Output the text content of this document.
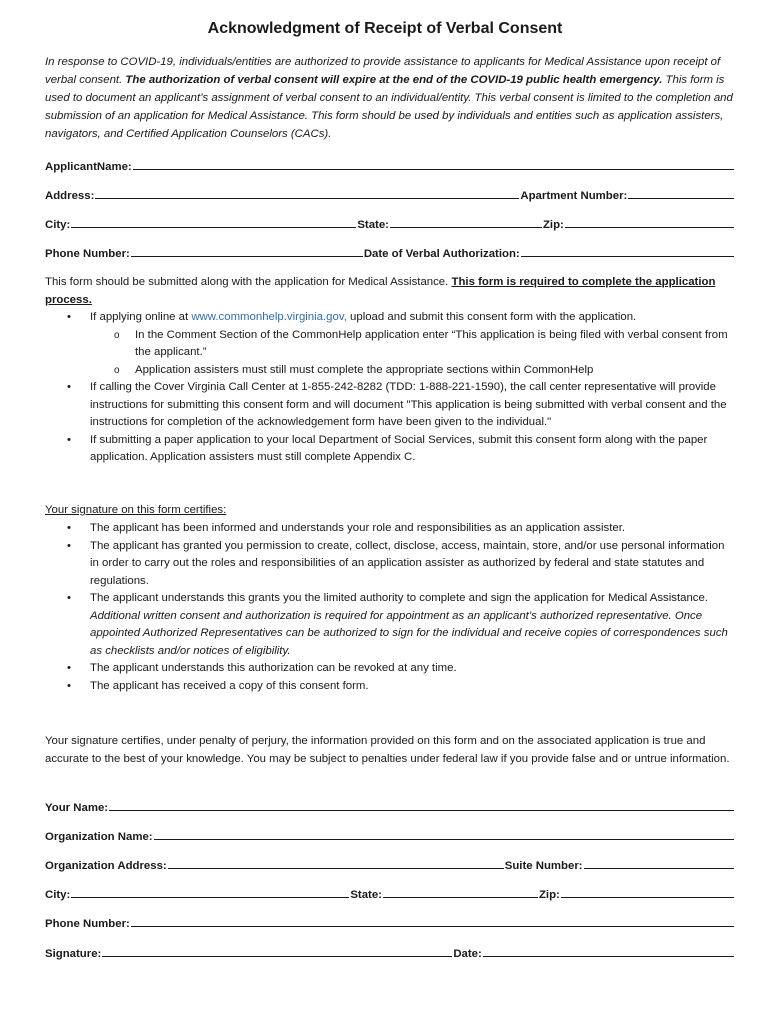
Acknowledgment of Receipt of Verbal Consent
In response to COVID-19, individuals/entities are authorized to provide assistance to applicants for Medical Assistance upon receipt of verbal consent. The authorization of verbal consent will expire at the end of the COVID-19 public health emergency. This form is used to document an applicant’s assignment of verbal consent to an individual/entity. This verbal consent is limited to the completion and submission of an application for Medical Assistance. This form should be used by individuals and entities such as application assisters, navigators, and Certified Application Counselors (CACs).
ApplicantName:
Address:	Apartment Number:
City:	State:	Zip:
Phone Number:	Date of Verbal Authorization:
This form should be submitted along with the application for Medical Assistance. This form is required to complete the application process.
• If applying online at www.commonhelp.virginia.gov, upload and submit this consent form with the application.
o In the Comment Section of the CommonHelp application enter “This application is being filed with verbal consent from the applicant.”
o Application assisters must still must complete the appropriate sections within CommonHelp
• If calling the Cover Virginia Call Center at 1-855-242-8282 (TDD: 1-888-221-1590), the call center representative will provide instructions for submitting this consent form and will document "This application is being submitted with verbal consent and the instructions for completion of the acknowledgement form have been given to the individual."
• If submitting a paper application to your local Department of Social Services, submit this consent form along with the paper application. Application assisters must still complete Appendix C.
Your signature on this form certifies:
• The applicant has been informed and understands your role and responsibilities as an application assister.
• The applicant has granted you permission to create, collect, disclose, access, maintain, store, and/or use personal information in order to carry out the roles and responsibilities of an application assister as authorized by federal and state statutes and regulations.
• The applicant understands this grants you the limited authority to complete and sign the application for Medical Assistance. Additional written consent and authorization is required for appointment as an applicant’s authorized representative. Once appointed Authorized Representatives can be authorized to sign for the individual and receive copies of correspondences such as checklists and/or notices of eligibility.
• The applicant understands this authorization can be revoked at any time.
• The applicant has received a copy of this consent form.
Your signature certifies, under penalty of perjury, the information provided on this form and on the associated application is true and accurate to the best of your knowledge. You may be subject to penalties under federal law if you provide false and or untrue information.
Your Name:
Organization Name:
Organization Address:	Suite Number:
City:	State:	Zip:
Phone Number:
Signature:	Date:
